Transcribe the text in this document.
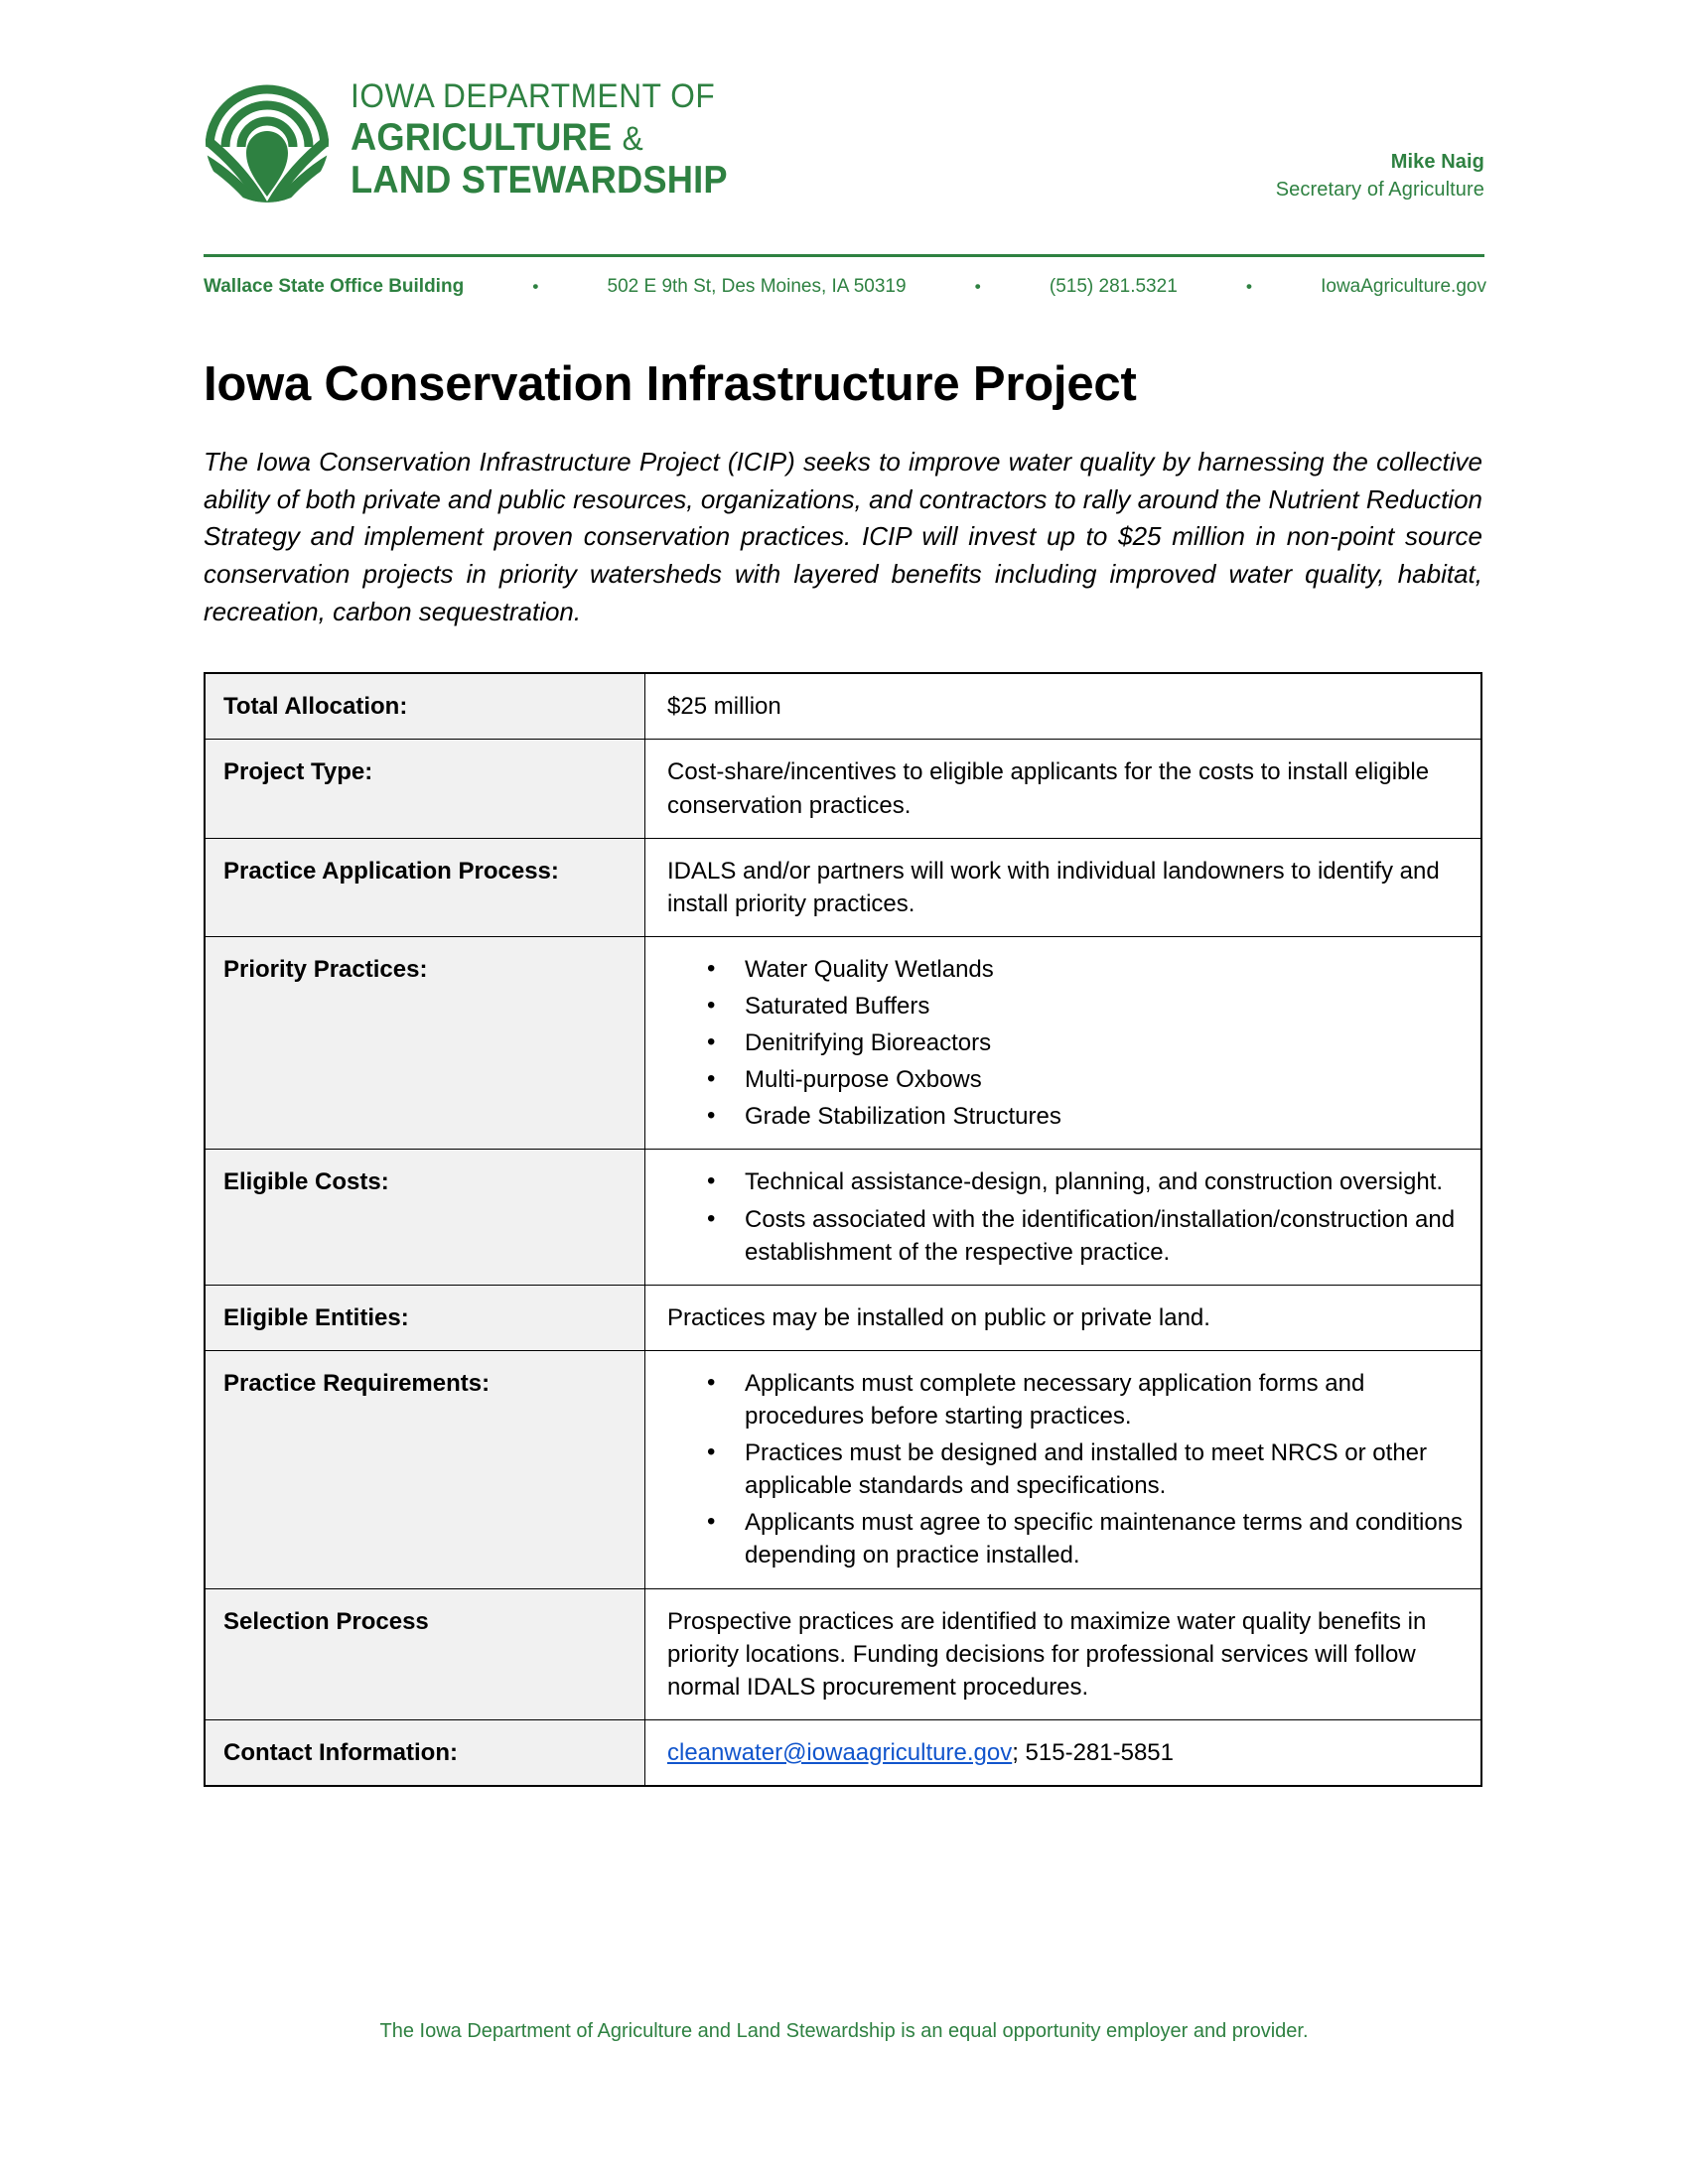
IOWA DEPARTMENT OF
AGRICULTURE &
LAND STEWARDSHIP	Mike Naig
Secretary of Agriculture
Wallace State Office Building	•	502 E 9th St, Des Moines, IA 50319	•	(515) 281.5321	•	IowaAgriculture.gov
Iowa Conservation Infrastructure Project

The Iowa Conservation Infrastructure Project (ICIP) seeks to improve water quality by harnessing the collective ability of both private and public resources, organizations, and contractors to rally around the Nutrient Reduction Strategy and implement proven conservation practices. ICIP will invest up to $25 million in non-point source conservation projects in priority watersheds with layered benefits including improved water quality, habitat, recreation, carbon sequestration.

Total Allocation:	$25 million

Project Type:	Cost-share/incentives to eligible applicants for the costs to install eligible conservation practices.

Practice Application Process:	IDALS and/or partners will work with individual landowners to identify and install priority practices.

Priority Practices:	
•Water Quality Wetlands
• Saturated Buffers
• Denitrifying Bioreactors
• Multi-purpose Oxbows
• Grade Stabilization Structures

Eligible Costs:	
•Technical assistance-design, planning, and construction oversight.
• Costs associated with the identification/installation/construction and establishment of the respective practice.

Eligible Entities:	Practices may be installed on public or private land.

Practice Requirements:	
•Applicants must complete necessary application forms and procedures before starting practices.
• Practices must be designed and installed to meet NRCS or other applicable standards and specifications.
• Applicants must agree to specific maintenance terms and conditions depending on practice installed.

Selection Process	Prospective practices are identified to maximize water quality benefits in priority locations. Funding decisions for professional services will follow normal IDALS procurement procedures.

Contact Information:	cleanwater@iowaagriculture.gov; 515-281-5851

The Iowa Department of Agriculture and Land Stewardship is an equal opportunity employer and provider.
